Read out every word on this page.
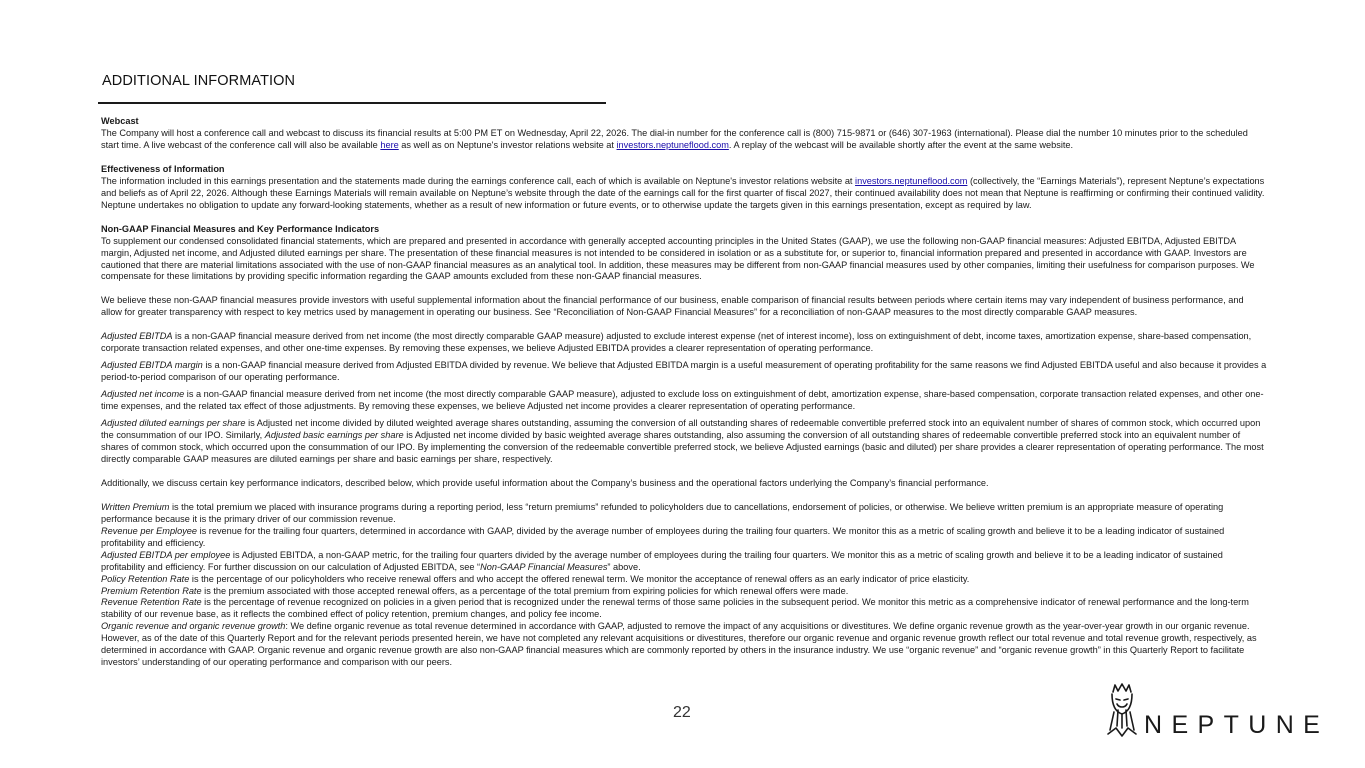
ADDITIONAL INFORMATION

Webcast

The Company will host a conference call and webcast to discuss its financial results at 5:00 PM ET on Wednesday, April 22, 2026. The dial-in number for the conference call is (800) 715-9871 or (646) 307-1963 (international). Please dial the number 10 minutes prior to the scheduled start time. A live webcast of the conference call will also be available here as well as on Neptune's investor relations website at investors.neptuneflood.com. A replay of the webcast will be available shortly after the event at the same website.

Effectiveness of Information

The information included in this earnings presentation and the statements made during the earnings conference call, each of which is available on Neptune's investor relations website at investors.neptuneflood.com (collectively, the “Earnings Materials”), represent Neptune’s expectations and beliefs as of April 22, 2026. Although these Earnings Materials will remain available on Neptune’s website through the date of the earnings call for the first quarter of fiscal 2027, their continued availability does not mean that Neptune is reaffirming or confirming their continued validity. Neptune undertakes no obligation to update any forward-looking statements, whether as a result of new information or future events, or to otherwise update the targets given in this earnings presentation, except as required by law.

Non-GAAP Financial Measures and Key Performance Indicators

To supplement our condensed consolidated financial statements, which are prepared and presented in accordance with generally accepted accounting principles in the United States (GAAP), we use the following non-GAAP financial measures: Adjusted EBITDA, Adjusted EBITDA margin, Adjusted net income, and Adjusted diluted earnings per share. The presentation of these financial measures is not intended to be considered in isolation or as a substitute for, or superior to, financial information prepared and presented in accordance with GAAP. Investors are cautioned that there are material limitations associated with the use of non-GAAP financial measures as an analytical tool. In addition, these measures may be different from non-GAAP financial measures used by other companies, limiting their usefulness for comparison purposes. We compensate for these limitations by providing specific information regarding the GAAP amounts excluded from these non-GAAP financial measures.

We believe these non-GAAP financial measures provide investors with useful supplemental information about the financial performance of our business, enable comparison of financial results between periods where certain items may vary independent of business performance, and allow for greater transparency with respect to key metrics used by management in operating our business. See “Reconciliation of Non-GAAP Financial Measures” for a reconciliation of non-GAAP measures to the most directly comparable GAAP measures.

Adjusted EBITDA is a non-GAAP financial measure derived from net income (the most directly comparable GAAP measure) adjusted to exclude interest expense (net of interest income), loss on extinguishment of debt, income taxes, amortization expense, share-based compensation, corporate transaction related expenses, and other one-time expenses. By removing these expenses, we believe Adjusted EBITDA provides a clearer representation of operating performance.

Adjusted EBITDA margin is a non-GAAP financial measure derived from Adjusted EBITDA divided by revenue. We believe that Adjusted EBITDA margin is a useful measurement of operating profitability for the same reasons we find Adjusted EBITDA useful and also because it provides a period-to-period comparison of our operating performance.

Adjusted net income is a non-GAAP financial measure derived from net income (the most directly comparable GAAP measure), adjusted to exclude loss on extinguishment of debt, amortization expense, share-based compensation, corporate transaction related expenses, and other one-time expenses, and the related tax effect of those adjustments. By removing these expenses, we believe Adjusted net income provides a clearer representation of operating performance.

Adjusted diluted earnings per share is Adjusted net income divided by diluted weighted average shares outstanding, assuming the conversion of all outstanding shares of redeemable convertible preferred stock into an equivalent number of shares of common stock, which occurred upon the consummation of our IPO. Similarly, Adjusted basic earnings per share is Adjusted net income divided by basic weighted average shares outstanding, also assuming the conversion of all outstanding shares of redeemable convertible preferred stock into an equivalent number of shares of common stock, which occurred upon the consummation of our IPO. By implementing the conversion of the redeemable convertible preferred stock, we believe Adjusted earnings (basic and diluted) per share provides a clearer representation of operating performance. The most directly comparable GAAP measures are diluted earnings per share and basic earnings per share, respectively.

Additionally, we discuss certain key performance indicators, described below, which provide useful information about the Company’s business and the operational factors underlying the Company’s financial performance.

Written Premium is the total premium we placed with insurance programs during a reporting period, less “return premiums” refunded to policyholders due to cancellations, endorsement of policies, or otherwise. We believe written premium is an appropriate measure of operating performance because it is the primary driver of our commission revenue.

Revenue per Employee is revenue for the trailing four quarters, determined in accordance with GAAP, divided by the average number of employees during the trailing four quarters. We monitor this as a metric of scaling growth and believe it to be a leading indicator of sustained profitability and efficiency.

Adjusted EBITDA per employee is Adjusted EBITDA, a non-GAAP metric, for the trailing four quarters divided by the average number of employees during the trailing four quarters. We monitor this as a metric of scaling growth and believe it to be a leading indicator of sustained profitability and efficiency. For further discussion on our calculation of Adjusted EBITDA, see “Non-GAAP Financial Measures” above.

Policy Retention Rate is the percentage of our policyholders who receive renewal offers and who accept the offered renewal term. We monitor the acceptance of renewal offers as an early indicator of price elasticity.

Premium Retention Rate is the premium associated with those accepted renewal offers, as a percentage of the total premium from expiring policies for which renewal offers were made.

Revenue Retention Rate is the percentage of revenue recognized on policies in a given period that is recognized under the renewal terms of those same policies in the subsequent period. We monitor this metric as a comprehensive indicator of renewal performance and the long-term stability of our revenue base, as it reflects the combined effect of policy retention, premium changes, and policy fee income.

Organic revenue and organic revenue growth: We define organic revenue as total revenue determined in accordance with GAAP, adjusted to remove the impact of any acquisitions or divestitures. We define organic revenue growth as the year-over-year growth in our organic revenue. However, as of the date of this Quarterly Report and for the relevant periods presented herein, we have not completed any relevant acquisitions or divestitures, therefore our organic revenue and organic revenue growth reflect our total revenue and total revenue growth, respectively, as determined in accordance with GAAP. Organic revenue and organic revenue growth are also non-GAAP financial measures which are commonly reported by others in the insurance industry. We use “organic revenue” and “organic revenue growth” in this Quarterly Report to facilitate investors’ understanding of our operating performance and comparison with our peers.

22	NEPTUNE
